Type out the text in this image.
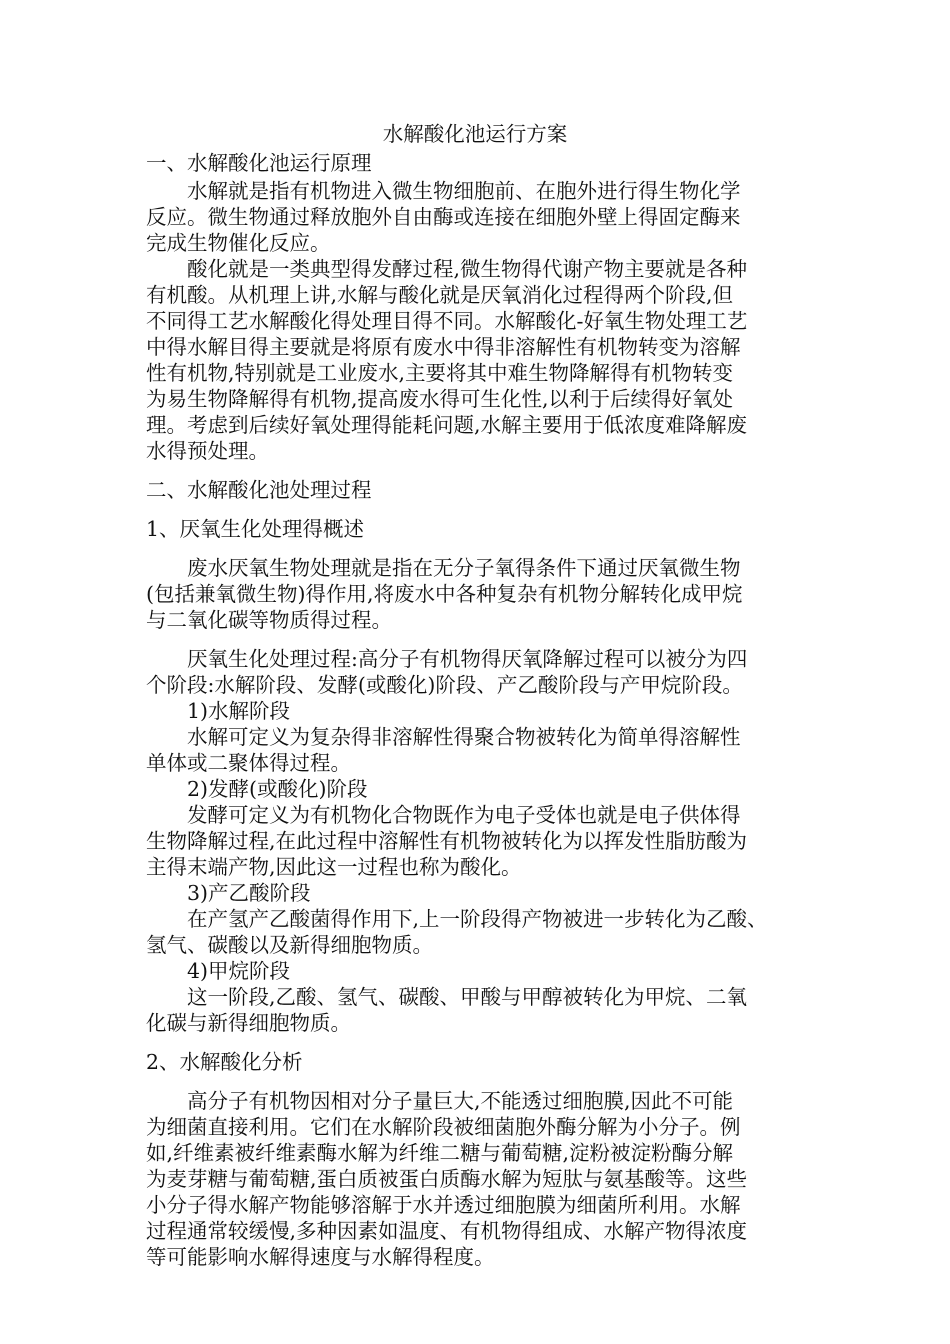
水解酸化池运行方案
一、水解酸化池运行原理
水解就是指有机物进入微生物细胞前、在胞外进行得生物化学
反应。微生物通过释放胞外自由酶或连接在细胞外壁上得固定酶来
完成生物催化反应。
酸化就是一类典型得发酵过程,微生物得代谢产物主要就是各种
有机酸。从机理上讲,水解与酸化就是厌氧消化过程得两个阶段,但
不同得工艺水解酸化得处理目得不同。水解酸化-好氧生物处理工艺
中得水解目得主要就是将原有废水中得非溶解性有机物转变为溶解
性有机物,特别就是工业废水,主要将其中难生物降解得有机物转变
为易生物降解得有机物,提高废水得可生化性,以利于后续得好氧处
理。考虑到后续好氧处理得能耗问题,水解主要用于低浓度难降解废
水得预处理。
二、水解酸化池处理过程
1、厌氧生化处理得概述
废水厌氧生物处理就是指在无分子氧得条件下通过厌氧微生物
(包括兼氧微生物)得作用,将废水中各种复杂有机物分解转化成甲烷
与二氧化碳等物质得过程。
厌氧生化处理过程:高分子有机物得厌氧降解过程可以被分为四
个阶段:水解阶段、发酵(或酸化)阶段、产乙酸阶段与产甲烷阶段。
1)水解阶段
水解可定义为复杂得非溶解性得聚合物被转化为简单得溶解性
单体或二聚体得过程。
2)发酵(或酸化)阶段
发酵可定义为有机物化合物既作为电子受体也就是电子供体得
生物降解过程,在此过程中溶解性有机物被转化为以挥发性脂肪酸为
主得末端产物,因此这一过程也称为酸化。
3)产乙酸阶段
在产氢产乙酸菌得作用下,上一阶段得产物被进一步转化为乙酸、
氢气、碳酸以及新得细胞物质。
4)甲烷阶段
这一阶段,乙酸、氢气、碳酸、甲酸与甲醇被转化为甲烷、二氧
化碳与新得细胞物质。
2、水解酸化分析
高分子有机物因相对分子量巨大,不能透过细胞膜,因此不可能
为细菌直接利用。它们在水解阶段被细菌胞外酶分解为小分子。例
如,纤维素被纤维素酶水解为纤维二糖与葡萄糖,淀粉被淀粉酶分解
为麦芽糖与葡萄糖,蛋白质被蛋白质酶水解为短肽与氨基酸等。这些
小分子得水解产物能够溶解于水并透过细胞膜为细菌所利用。水解
过程通常较缓慢,多种因素如温度、有机物得组成、水解产物得浓度
等可能影响水解得速度与水解得程度。
